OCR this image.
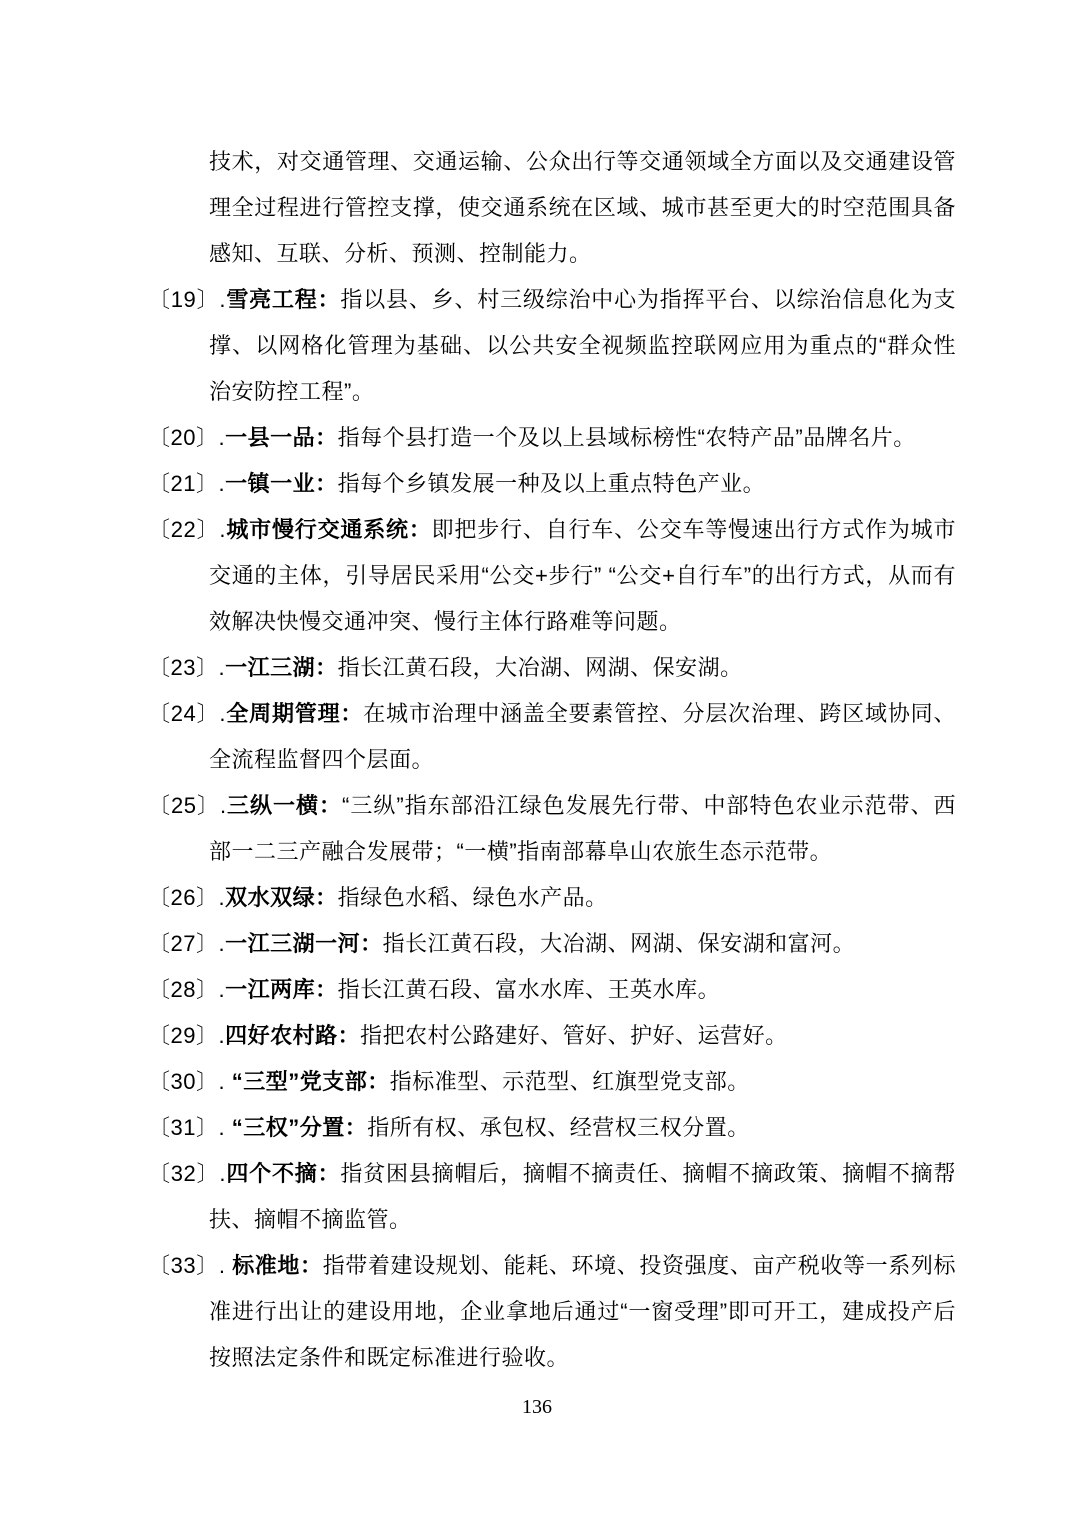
技术，对交通管理、交通运输、公众出行等交通领域全方面以及交通建设管理全过程进行管控支撑，使交通系统在区域、城市甚至更大的时空范围具备感知、互联、分析、预测、控制能力。

〔19〕.雪亮工程：指以县、乡、村三级综治中心为指挥平台、以综治信息化为支撑、以网格化管理为基础、以公共安全视频监控联网应用为重点的“群众性治安防控工程”。

〔20〕.一县一品：指每个县打造一个及以上县域标榜性“农特产品”品牌名片。

〔21〕.一镇一业：指每个乡镇发展一种及以上重点特色产业。

〔22〕.城市慢行交通系统：即把步行、自行车、公交车等慢速出行方式作为城市交通的主体，引导居民采用“公交+步行” “公交+自行车”的出行方式，从而有效解决快慢交通冲突、慢行主体行路难等问题。

〔23〕.一江三湖：指长江黄石段，大冶湖、网湖、保安湖。

〔24〕.全周期管理：在城市治理中涵盖全要素管控、分层次治理、跨区域协同、全流程监督四个层面。

〔25〕.三纵一横：“三纵”指东部沿江绿色发展先行带、中部特色农业示范带、西部一二三产融合发展带；“一横”指南部幕阜山农旅生态示范带。

〔26〕.双水双绿：指绿色水稻、绿色水产品。

〔27〕.一江三湖一河：指长江黄石段，大冶湖、网湖、保安湖和富河。

〔28〕.一江两库：指长江黄石段、富水水库、王英水库。

〔29〕.四好农村路：指把农村公路建好、管好、护好、运营好。

〔30〕. “三型”党支部：指标准型、示范型、红旗型党支部。

〔31〕. “三权”分置：指所有权、承包权、经营权三权分置。

〔32〕.四个不摘：指贫困县摘帽后，摘帽不摘责任、摘帽不摘政策、摘帽不摘帮扶、摘帽不摘监管。

〔33〕. 标准地：指带着建设规划、能耗、环境、投资强度、亩产税收等一系列标准进行出让的建设用地，企业拿地后通过“一窗受理”即可开工，建成投产后按照法定条件和既定标准进行验收。

136
